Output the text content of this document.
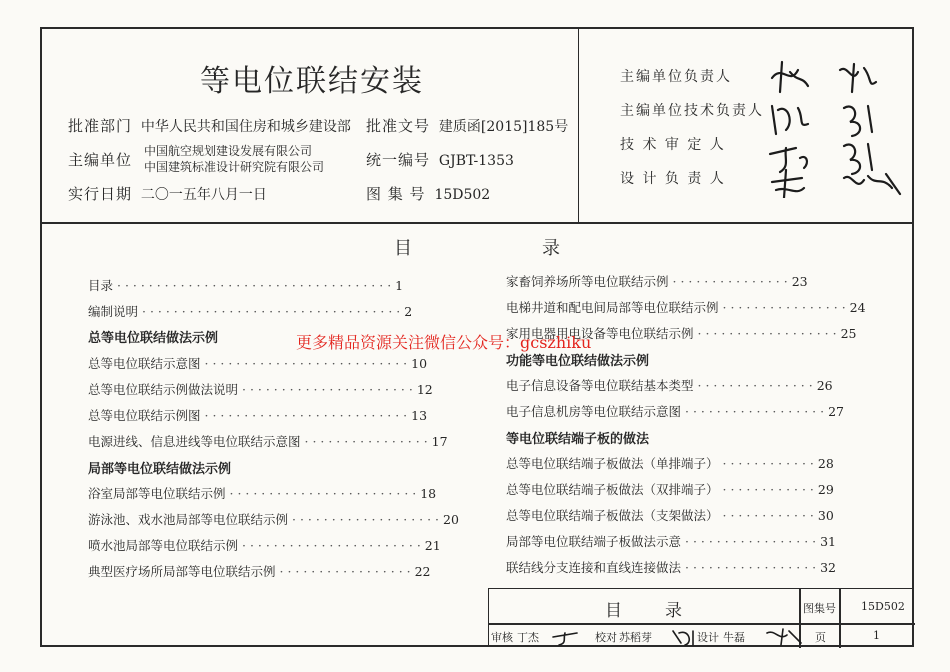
等电位联结安装
批准部门 中华人民共和国住房和城乡建设部 批准文号 建质函[2015]185号
主编单位 中国航空规划建设发展有限公司
中国建筑标准设计研究院有限公司	统一编号 GJBT-1353
实行日期 二〇一五年八月一日	图 集 号 15D502
主编单位负责人
主编单位技术负责人
技 术 审 定 人
设 计 负 责 人
目	录
目录 · · · · · · · · · · · · · · · · · · · · · · · · · · · · · · · · · · · 1
编制说明 · · · · · · · · · · · · · · · · · · · · · · · · · · · · · · · · · 2
总等电位联结做法示例
总等电位联结示意图 · · · · · · · · · · · · · · · · · · · · · · · · · · 10
总等电位联结示例做法说明 · · · · · · · · · · · · · · · · · · · · · · 12
总等电位联结示例图 · · · · · · · · · · · · · · · · · · · · · · · · · · 13
电源进线、信息进线等电位联结示意图 · · · · · · · · · · · · · · · · 17
局部等电位联结做法示例
浴室局部等电位联结示例 · · · · · · · · · · · · · · · · · · · · · · · · 18
游泳池、戏水池局部等电位联结示例 · · · · · · · · · · · · · · · · · · · 20
喷水池局部等电位联结示例 · · · · · · · · · · · · · · · · · · · · · · · 21
典型医疗场所局部等电位联结示例 · · · · · · · · · · · · · · · · · 22
家畜饲养场所等电位联结示例 · · · · · · · · · · · · · · · 23
电梯井道和配电间局部等电位联结示例 · · · · · · · · · · · · · · · · 24
家用电器用电设备等电位联结示例 · · · · · · · · · · · · · · · · · · 25
功能等电位联结做法示例
电子信息设备等电位联结基本类型 · · · · · · · · · · · · · · · 26
电子信息机房等电位联结示意图 · · · · · · · · · · · · · · · · · · 27
等电位联结端子板的做法
总等电位联结端子板做法（单排端子） · · · · · · · · · · · · 28
总等电位联结端子板做法（双排端子） · · · · · · · · · · · · 29
总等电位联结端子板做法（支架做法） · · · · · · · · · · · · 30
局部等电位联结端子板做法示意 · · · · · · · · · · · · · · · · · 31
联结线分支连接和直线连接做法 · · · · · · · · · · · · · · · · · 32
更多精品资源关注微信公众号：gcszhiku
目	录	图集号 15D502
审核 丁杰	校对 苏稻芽	设计 牛磊	页	1
